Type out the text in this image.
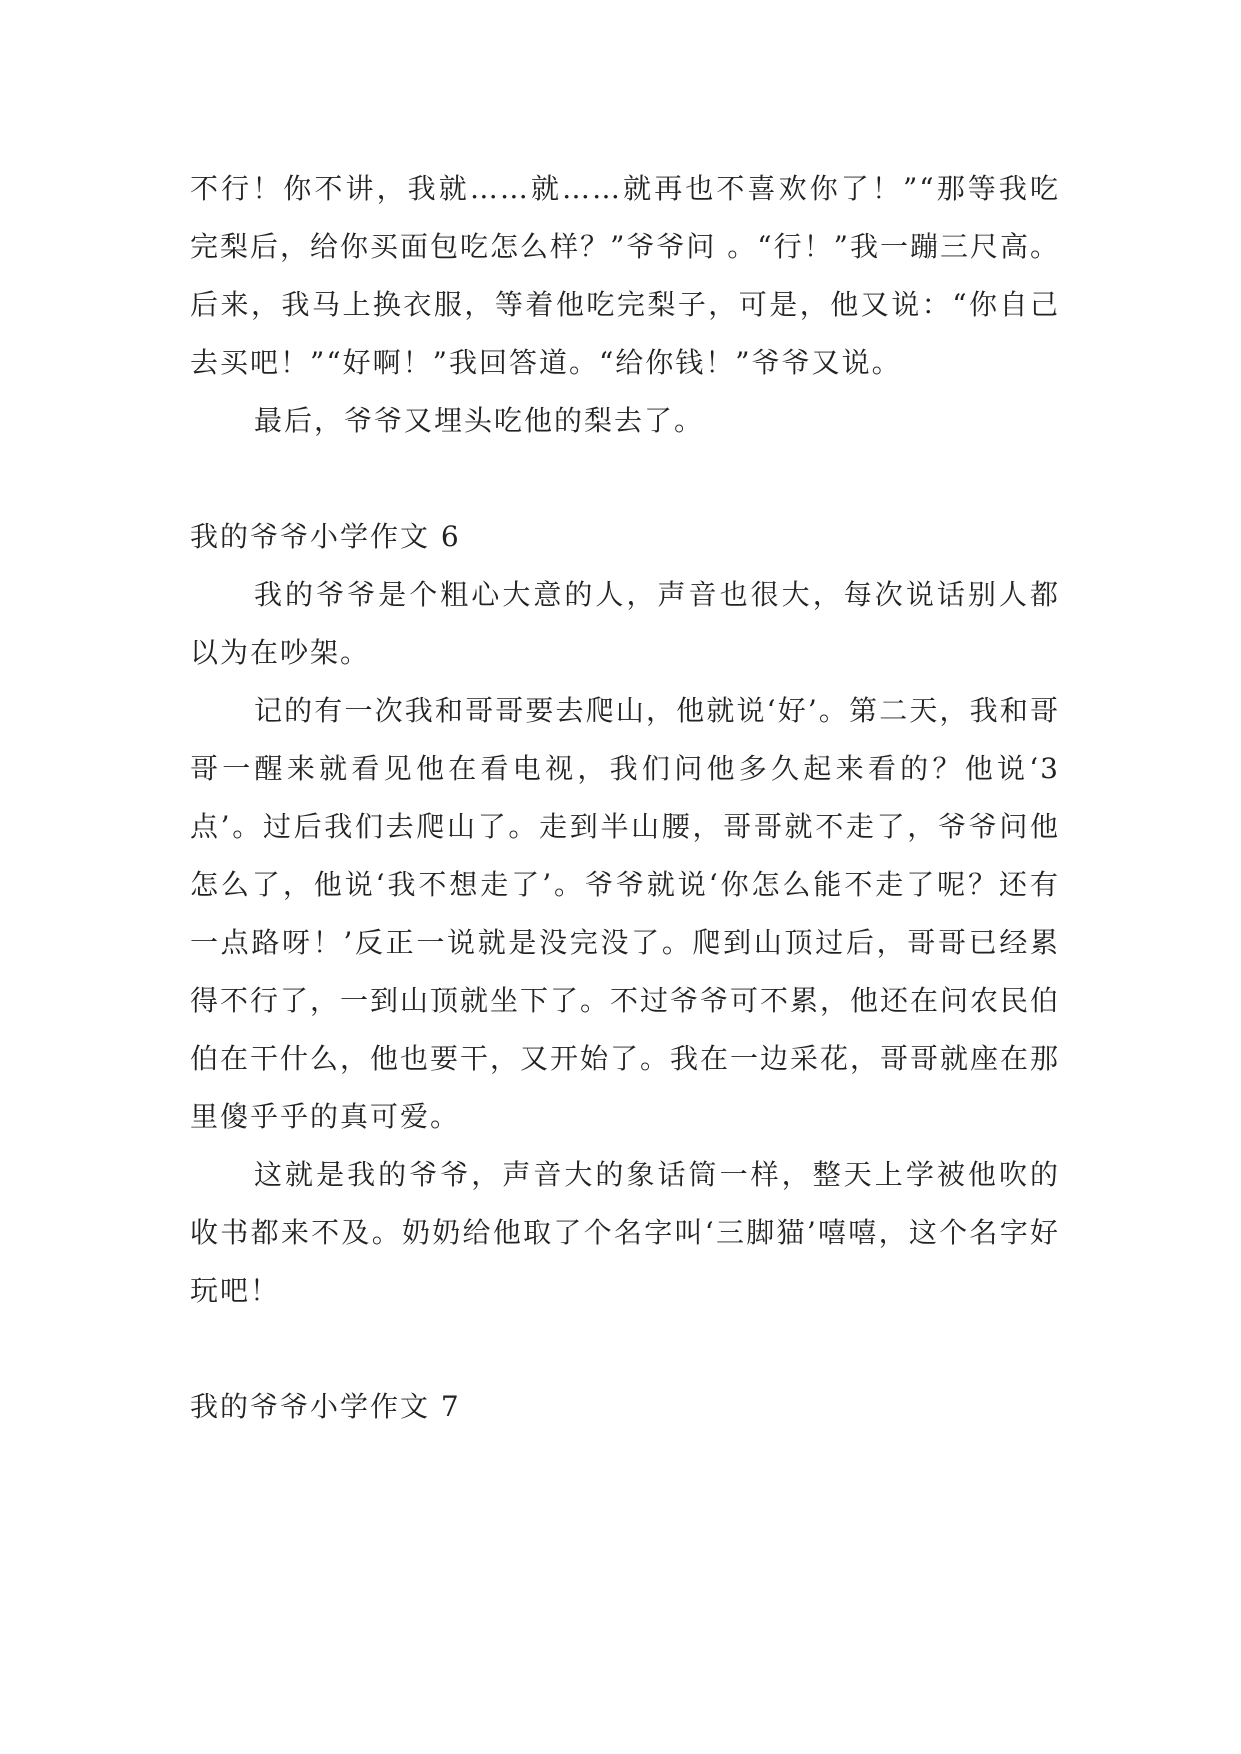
不行！你不讲，我就……就……就再也不喜欢你了！”“那等我吃完梨后，给你买面包吃怎么样？”爷爷问 。“行！”我一蹦三尺高。后来，我马上换衣服，等着他吃完梨子，可是，他又说：“你自己去买吧！”“好啊！”我回答道。“给你钱！”爷爷又说。

最后，爷爷又埋头吃他的梨去了。

我的爷爷小学作文 6

我的爷爷是个粗心大意的人，声音也很大，每次说话别人都以为在吵架。

记的有一次我和哥哥要去爬山，他就说‘好’。第二天，我和哥哥一醒来就看见他在看电视，我们问他多久起来看的？他说‘3 点’。过后我们去爬山了。走到半山腰，哥哥就不走了，爷爷问他怎么了，他说‘我不想走了’。爷爷就说‘你怎么能不走了呢？还有一点路呀！’反正一说就是没完没了。爬到山顶过后，哥哥已经累得不行了，一到山顶就坐下了。不过爷爷可不累，他还在问农民伯伯在干什么，他也要干，又开始了。我在一边采花，哥哥就座在那里傻乎乎的真可爱。

这就是我的爷爷，声音大的象话筒一样，整天上学被他吹的收书都来不及。奶奶给他取了个名字叫‘三脚猫’嘻嘻，这个名字好玩吧！

我的爷爷小学作文 7
